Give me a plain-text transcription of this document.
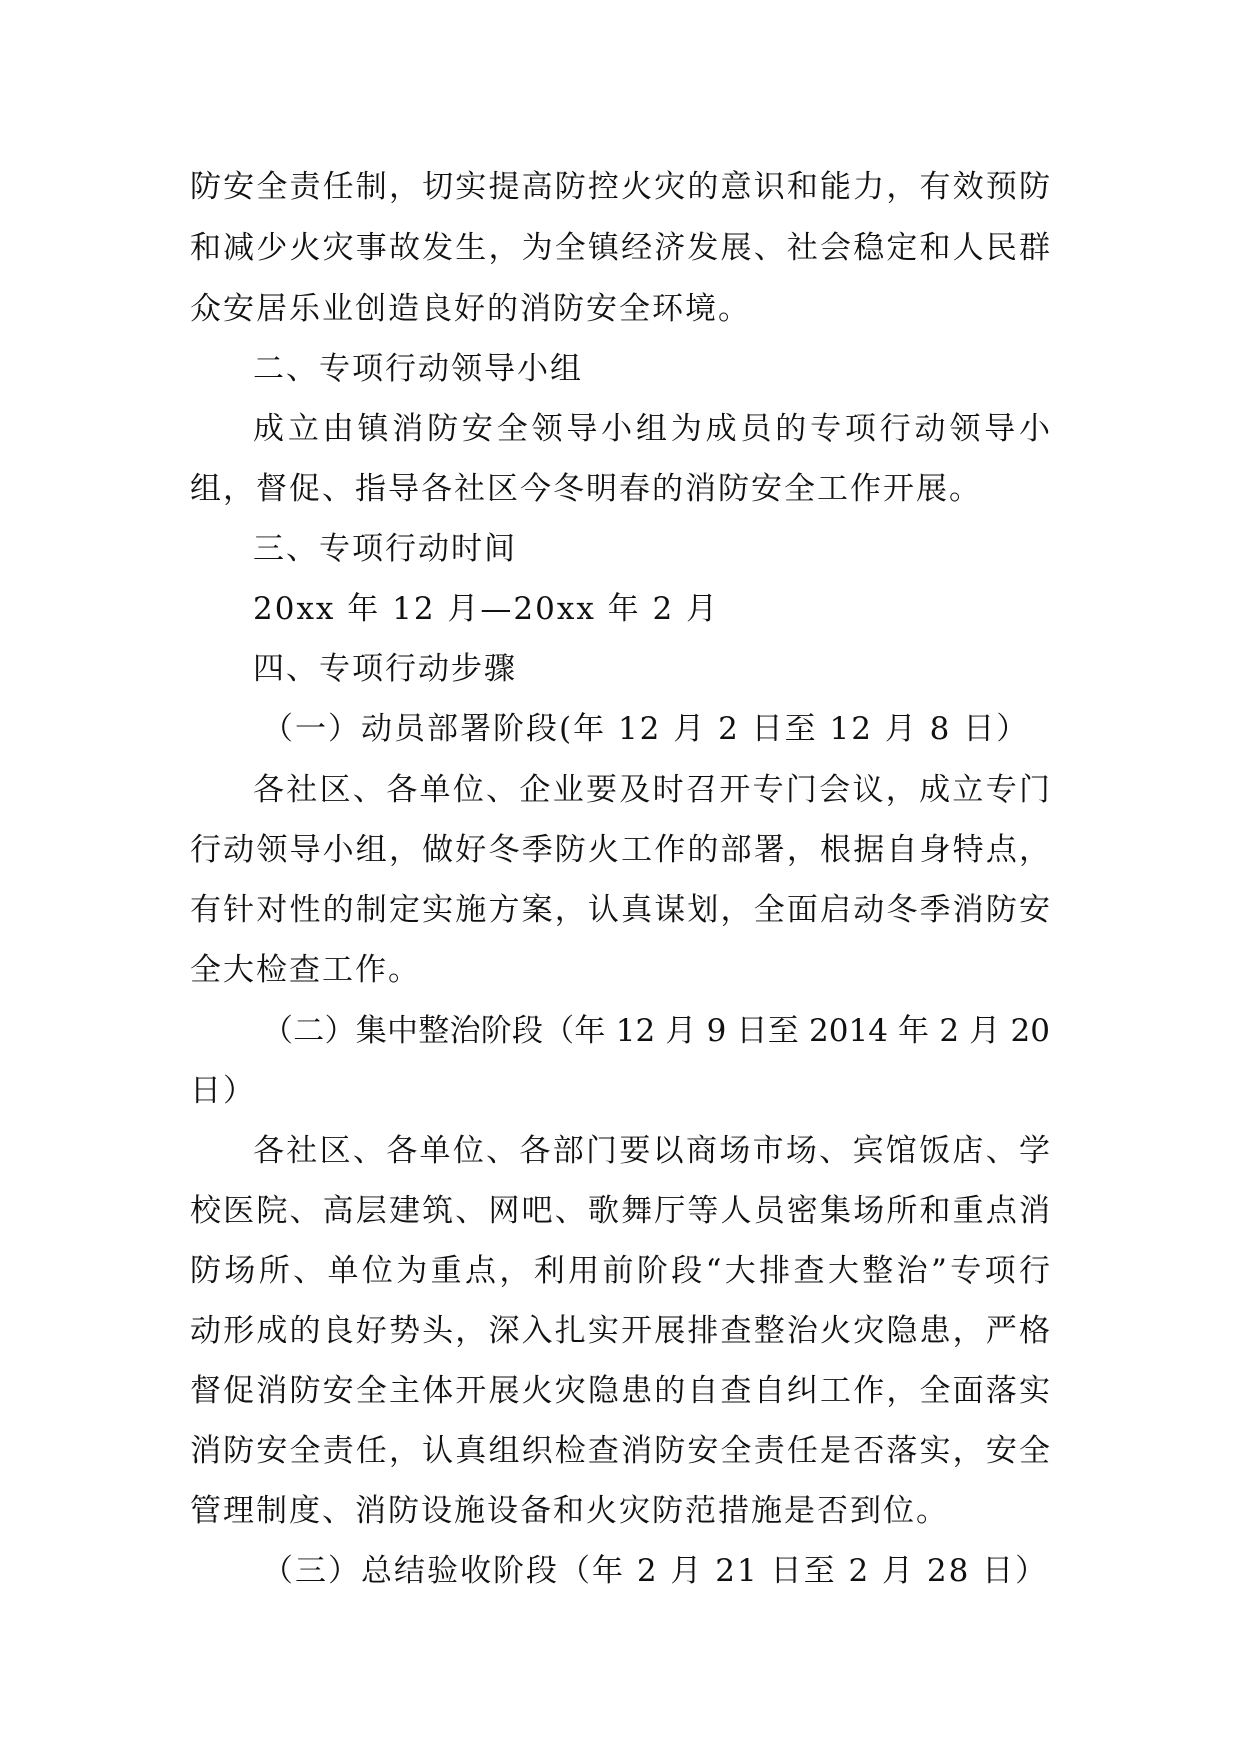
防安全责任制，切实提高防控火灾的意识和能力，有效预防
和减少火灾事故发生，为全镇经济发展、社会稳定和人民群
众安居乐业创造良好的消防安全环境。
二、专项行动领导小组
成立由镇消防安全领导小组为成员的专项行动领导小
组，督促、指导各社区今冬明春的消防安全工作开展。
三、专项行动时间
20xx 年 12 月—20xx 年 2 月
四、专项行动步骤
（一）动员部署阶段(年 12 月 2 日至 12 月 8 日）
各社区、各单位、企业要及时召开专门会议，成立专门
行动领导小组，做好冬季防火工作的部署，根据自身特点，
有针对性的制定实施方案，认真谋划，全面启动冬季消防安
全大检查工作。
（二）集中整治阶段（年 12 月 9 日至 2014 年 2 月 20
日）
各社区、各单位、各部门要以商场市场、宾馆饭店、学
校医院、高层建筑、网吧、歌舞厅等人员密集场所和重点消
防场所、单位为重点，利用前阶段“大排查大整治”专项行
动形成的良好势头，深入扎实开展排查整治火灾隐患，严格
督促消防安全主体开展火灾隐患的自查自纠工作，全面落实
消防安全责任，认真组织检查消防安全责任是否落实，安全
管理制度、消防设施设备和火灾防范措施是否到位。
（三）总结验收阶段（年 2 月 21 日至 2 月 28 日）
